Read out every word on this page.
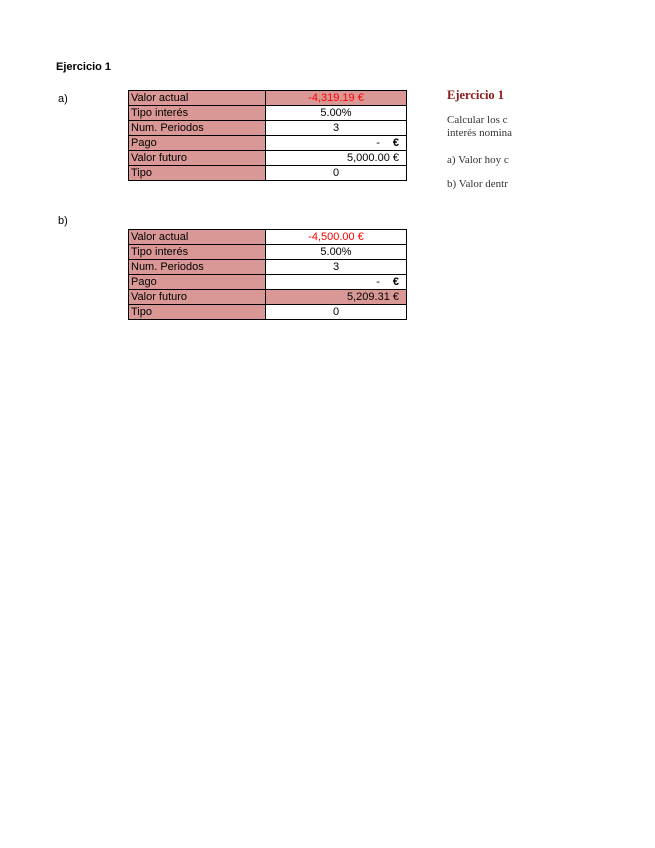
Ejercicio 1
a)	Valor actual	-4,319.19 €
Tipo interés	5.00%
Num. Periodos	3
Pago	- €
Valor futuro	5,000.00 €
Tipo	0
b)
Valor actual	-4,500.00 €
Tipo interés	5.00%
Num. Periodos	3
Pago	- €
Valor futuro	5,209.31 €
Tipo	0
Ejercicio 1
Calcular los c
interés nomina
a) Valor hoy c
b) Valor dentr
